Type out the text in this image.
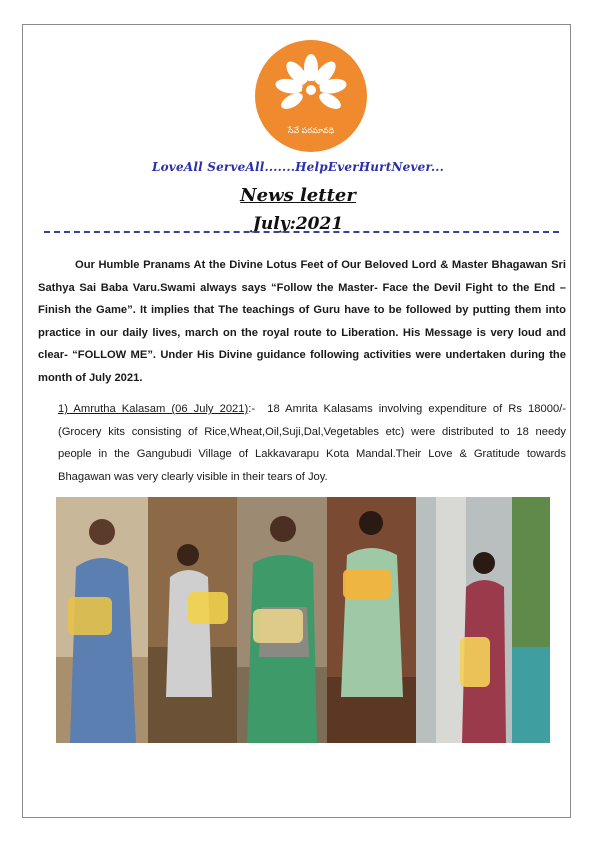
సేవే పరమావధి
LoveAll ServeAll.......HelpEverHurtNever...
News letter
July:2021

Our Humble Pranams At the Divine Lotus Feet of Our Beloved Lord & Master Bhagawan Sri Sathya Sai Baba Varu.Swami always says “Follow the Master- Face the Devil Fight to the End – Finish the Game”. It implies that The teachings of Guru have to be followed by putting them into practice in our daily lives, march on the royal route to Liberation. His Message is very loud and clear- “FOLLOW ME”. Under His Divine guidance following activities were undertaken during the month of July 2021.

1) Amrutha Kalasam (06 July 2021):- 18 Amrita Kalasams involving expenditure of Rs 18000/- (Grocery kits consisting of Rice,Wheat,Oil,Suji,Dal,Vegetables etc) were distributed to 18 needy people in the Gangubudi Village of Lakkavarapu Kota Mandal.Their Love & Gratitude towards Bhagawan was very clearly visible in their tears of Joy.
